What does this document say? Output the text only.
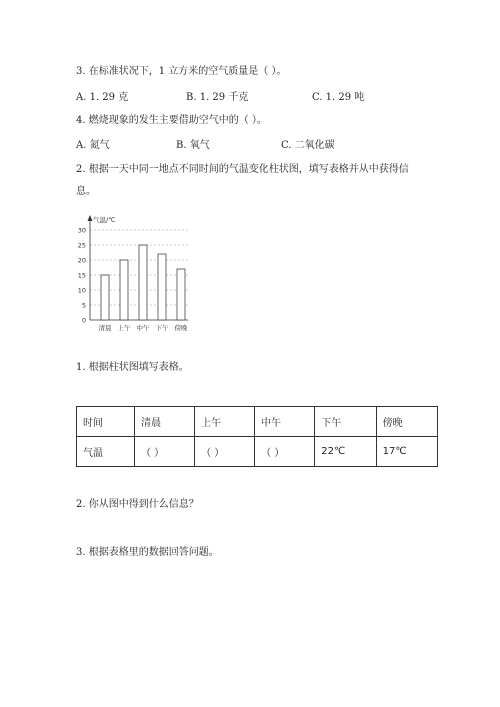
3. 在标准状况下，1 立方米的空气质量是（ ）。
A. 1. 29 克	B. 1. 29 千克	C. 1. 29 吨
4. 燃烧现象的发生主要借助空气中的（ ）。
A. 氮气	B. 氧气	C. 二氧化碳
2. 根据一天中同一地点不同时间的气温变化柱状图，填写表格并从中获得信
息。
0
5
10
15
20
25
30
气温/℃
清晨 上午 中午 下午 傍晚
1. 根据柱状图填写表格。
时间	清晨	上午	中午	下午	傍晚
气温	（ ）	（ ）	（ ）	22℃	17℃
2. 你从图中得到什么信息？
3. 根据表格里的数据回答问题。
